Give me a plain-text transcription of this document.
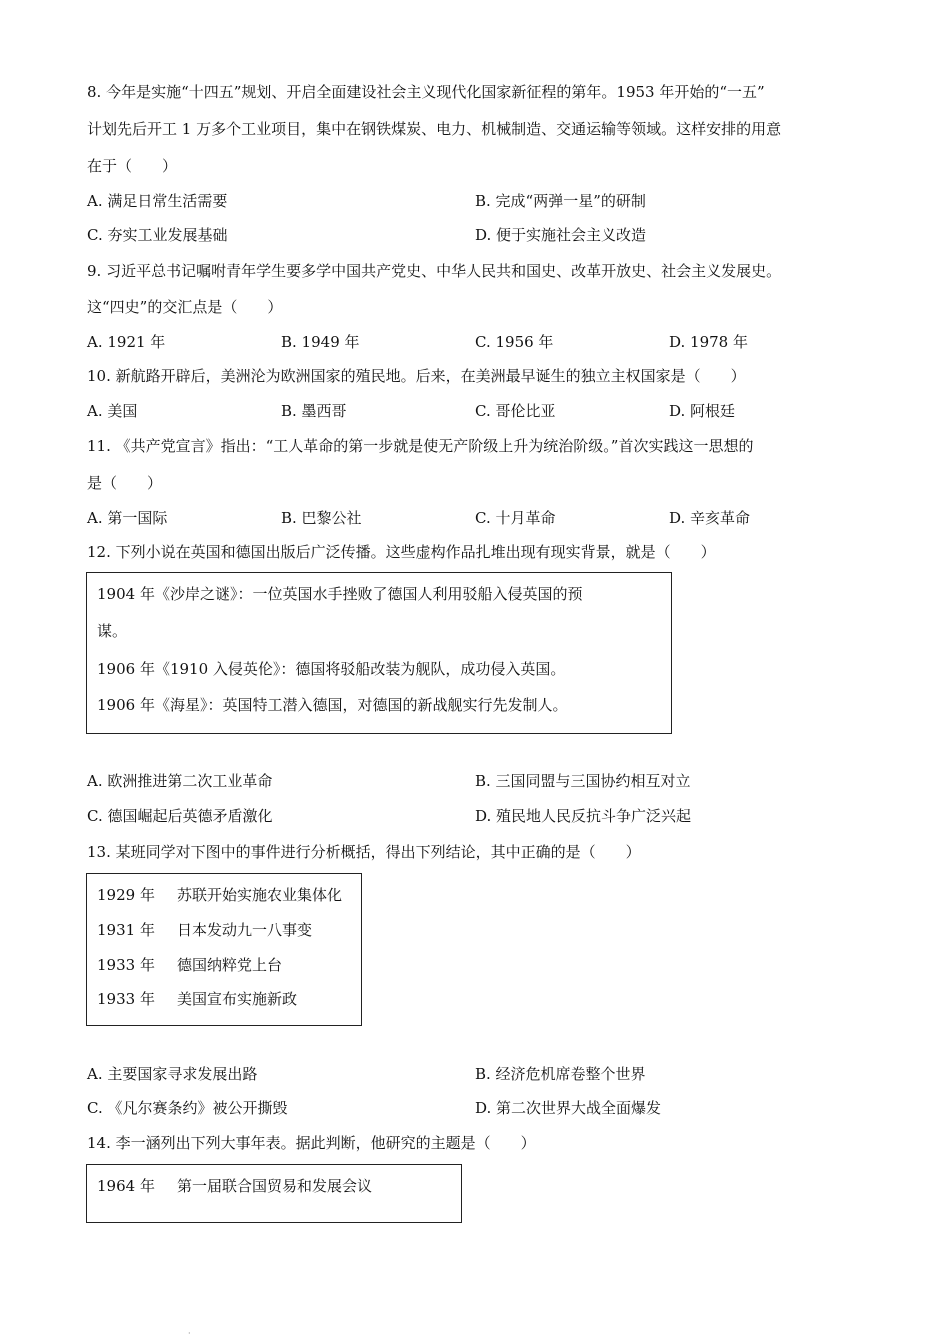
8. 今年是实施“十四五”规划、开启全面建设社会主义现代化国家新征程的第年。1953 年开始的“一五”
计划先后开工 1 万多个工业项目，集中在钢铁煤炭、电力、机械制造、交通运输等领域。这样安排的用意
在于（　　）
A. 满足日常生活需要	B. 完成“两弹一星”的研制
C. 夯实工业发展基础	D. 便于实施社会主义改造
9. 习近平总书记嘱咐青年学生要多学中国共产党史、中华人民共和国史、改革开放史、社会主义发展史。
这“四史”的交汇点是（　　）
A. 1921 年	B. 1949 年	C. 1956 年	D. 1978 年
10. 新航路开辟后，美洲沦为欧洲国家的殖民地。后来，在美洲最早诞生的独立主权国家是（　　）
A. 美国	B. 墨西哥	C. 哥伦比亚	D. 阿根廷
11. 《共产党宣言》指出：“工人革命的第一步就是使无产阶级上升为统治阶级。”首次实践这一思想的
是（　　）
A. 第一国际	B. 巴黎公社	C. 十月革命	D. 辛亥革命
12. 下列小说在英国和德国出版后广泛传播。这些虚构作品扎堆出现有现实背景，就是（　　）
1904 年《沙岸之谜》：一位英国水手挫败了德国人利用驳船入侵英国的预
谋。
1906 年《1910 入侵英伦》：德国将驳船改装为舰队，成功侵入英国。
1906 年《海星》：英国特工潜入德国，对德国的新战舰实行先发制人。
A. 欧洲推进第二次工业革命	B. 三国同盟与三国协约相互对立
C. 德国崛起后英德矛盾激化	D. 殖民地人民反抗斗争广泛兴起
13. 某班同学对下图中的事件进行分析概括，得出下列结论，其中正确的是（　　）
1929 年 苏联开始实施农业集体化
1931 年 日本发动九一八事变
1933 年 德国纳粹党上台
1933 年 美国宣布实施新政
A. 主要国家寻求发展出路	B. 经济危机席卷整个世界
C. 《凡尔赛条约》被公开撕毁	D. 第二次世界大战全面爆发
14. 李一涵列出下列大事年表。据此判断，他研究的主题是（　　）
1964 年 第一届联合国贸易和发展会议
·
